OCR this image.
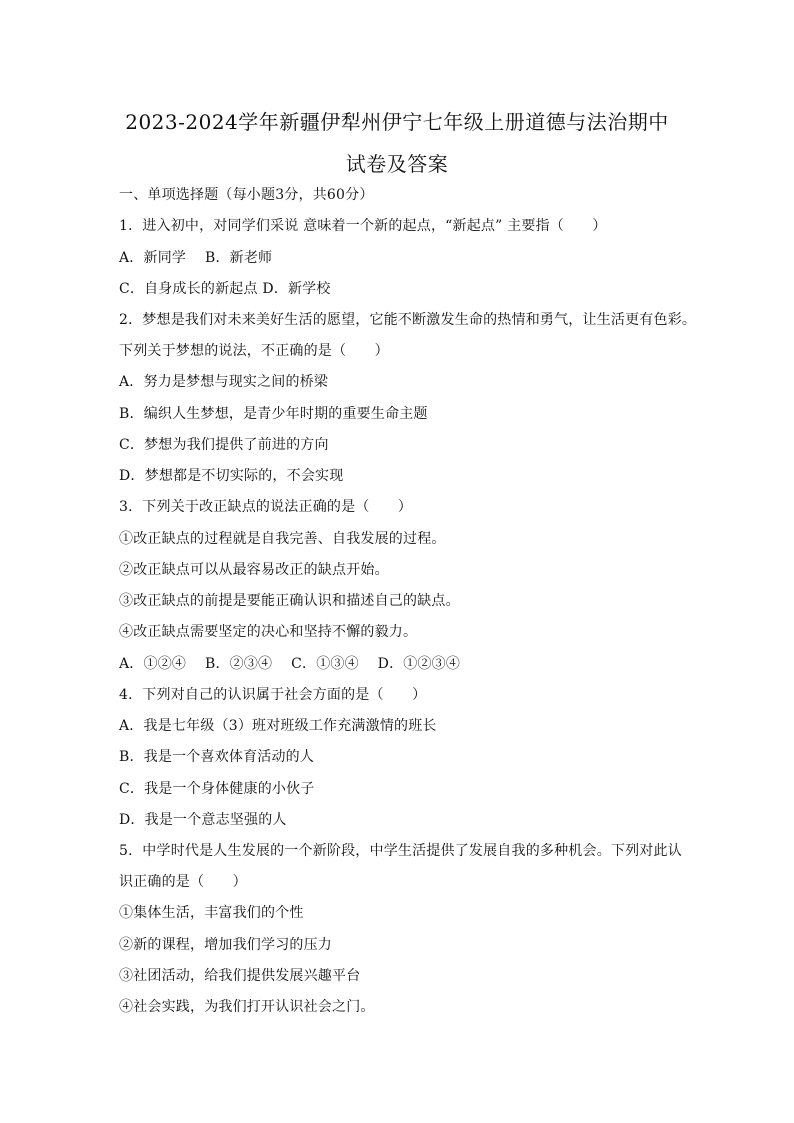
2023-2024学年新疆伊犁州伊宁七年级上册道德与法治期中
试卷及答案
一、单项选择题（每小题3分，共60分）
1．进入初中，对同学们采说 意味着一个新的起点，“新起点” 主要指（　　）
A．新同学　 B．新老师
C．自身成长的新起点 D．新学校
2．梦想是我们对未来美好生活的愿望，它能不断激发生命的热情和勇气，让生活更有色彩。
下列关于梦想的说法，不正确的是（　　）
A．努力是梦想与现实之间的桥梁
B．编织人生梦想，是青少年时期的重要生命主题
C．梦想为我们提供了前进的方向
D．梦想都是不切实际的，不会实现
3．下列关于改正缺点的说法正确的是（　　）
①改正缺点的过程就是自我完善、自我发展的过程。
②改正缺点可以从最容易改正的缺点开始。
③改正缺点的前提是要能正确认识和描述自己的缺点。
④改正缺点需要坚定的决心和坚持不懈的毅力。
A．①②④　 B．②③④　 C．①③④　 D．①②③④
4．下列对自己的认识属于社会方面的是（　　）
A．我是七年级（3）班对班级工作充满激情的班长
B．我是一个喜欢体育活动的人
C．我是一个身体健康的小伙子
D．我是一个意志坚强的人
5．中学时代是人生发展的一个新阶段，中学生活提供了发展自我的多种机会。下列对此认
识正确的是（　　）
①集体生活，丰富我们的个性
②新的课程，增加我们学习的压力
③社团活动，给我们提供发展兴趣平台
④社会实践，为我们打开认识社会之门。
